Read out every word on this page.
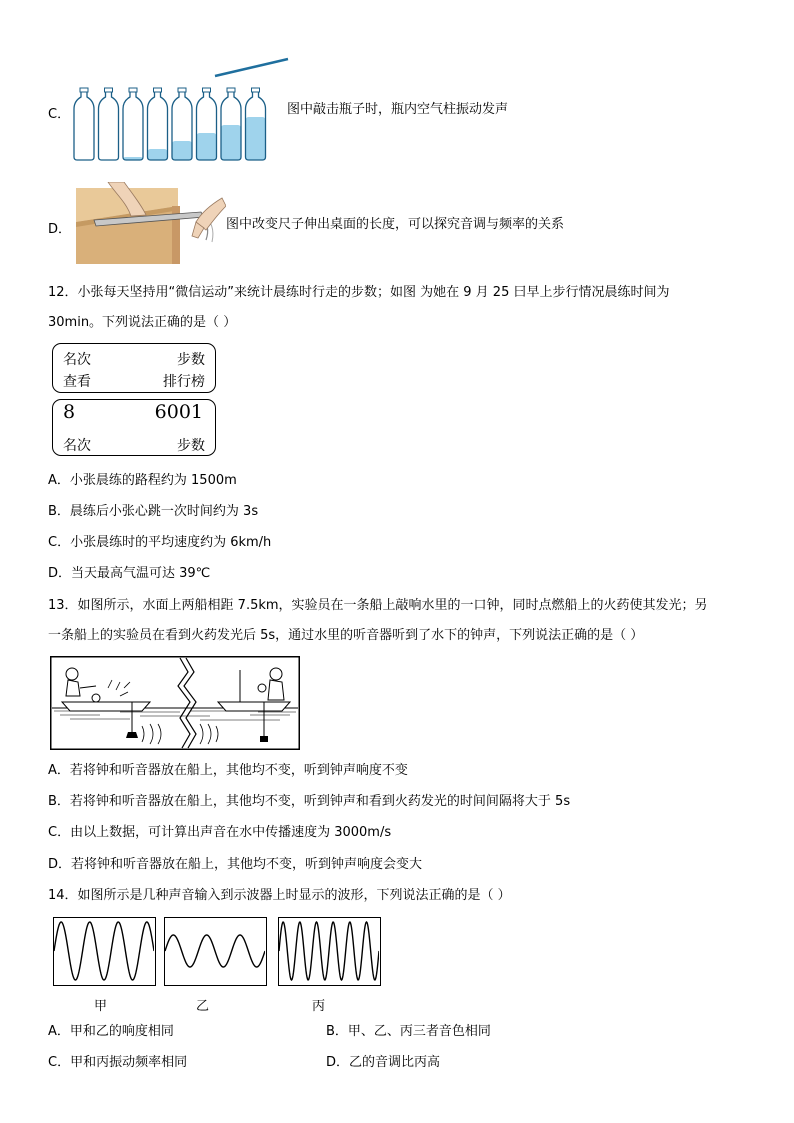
C．	图中敲击瓶子时，瓶内空气柱振动发声
D．	图中改变尺子伸出桌面的长度，可以探究音调与频率的关系
12．小张每天坚持用“微信运动”来统计晨练时行走的步数；如图 为她在 9 月 25 曰早上步行情况晨练时间为
30min。下列说法正确的是（ ）
名次	步数
查看	排行榜
8	6001
名次	步数
A．小张晨练的路程约为 1500m
B．晨练后小张心跳一次时间约为 3s
C．小张晨练时的平均速度约为 6km/h
D．当天最高气温可达 39℃
13．如图所示，水面上两船相距 7.5km，实验员在一条船上敲响水里的一口钟，同时点燃船上的火药使其发光；另
一条船上的实验员在看到火药发光后 5s，通过水里的听音器听到了水下的钟声，下列说法正确的是（ ）
A．若将钟和听音器放在船上，其他均不变，听到钟声响度不变
B．若将钟和听音器放在船上，其他均不变，听到钟声和看到火药发光的时间间隔将大于 5s
C．由以上数据，可计算出声音在水中传播速度为 3000m/s
D．若将钟和听音器放在船上，其他均不变，听到钟声响度会变大
14．如图所示是几种声音输入到示波器上时显示的波形，下列说法正确的是（ ）
甲	乙	丙
A．甲和乙的响度相同	B．甲、乙、丙三者音色相同
C．甲和丙振动频率相同	D．乙的音调比丙高
